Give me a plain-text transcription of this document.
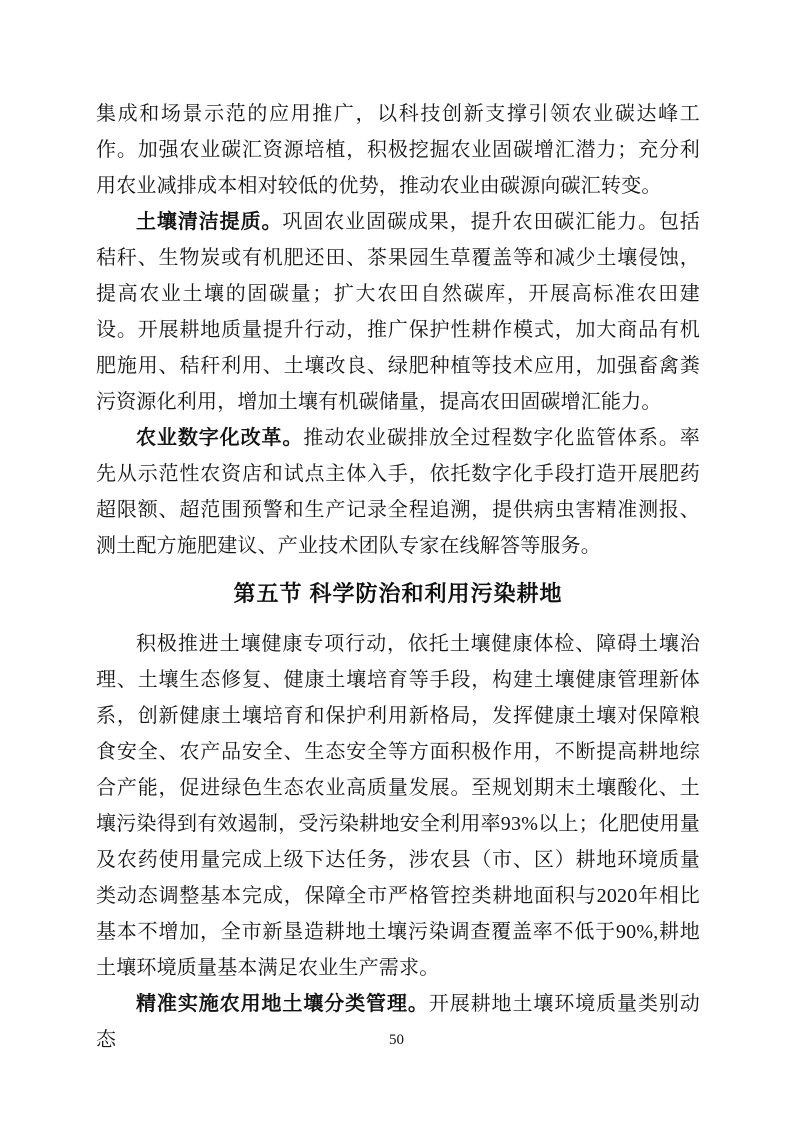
集成和场景示范的应用推广，以科技创新支撑引领农业碳达峰工作。加强农业碳汇资源培植，积极挖掘农业固碳增汇潜力；充分利用农业减排成本相对较低的优势，推动农业由碳源向碳汇转变。

土壤清洁提质。巩固农业固碳成果，提升农田碳汇能力。包括秸秆、生物炭或有机肥还田、茶果园生草覆盖等和减少土壤侵蚀，提高农业土壤的固碳量；扩大农田自然碳库，开展高标准农田建设。开展耕地质量提升行动，推广保护性耕作模式，加大商品有机肥施用、秸秆利用、土壤改良、绿肥种植等技术应用，加强畜禽粪污资源化利用，增加土壤有机碳储量，提高农田固碳增汇能力。

农业数字化改革。推动农业碳排放全过程数字化监管体系。率先从示范性农资店和试点主体入手，依托数字化手段打造开展肥药超限额、超范围预警和生产记录全程追溯，提供病虫害精准测报、测土配方施肥建议、产业技术团队专家在线解答等服务。

第五节 科学防治和利用污染耕地

积极推进土壤健康专项行动，依托土壤健康体检、障碍土壤治理、土壤生态修复、健康土壤培育等手段，构建土壤健康管理新体系，创新健康土壤培育和保护利用新格局，发挥健康土壤对保障粮食安全、农产品安全、生态安全等方面积极作用，不断提高耕地综合产能，促进绿色生态农业高质量发展。至规划期末土壤酸化、土壤污染得到有效遏制，受污染耕地安全利用率93%以上；化肥使用量及农药使用量完成上级下达任务，涉农县（市、区）耕地环境质量类动态调整基本完成，保障全市严格管控类耕地面积与2020年相比基本不增加，全市新垦造耕地土壤污染调查覆盖率不低于90%,耕地土壤环境质量基本满足农业生产需求。

精准实施农用地土壤分类管理。开展耕地土壤环境质量类别动态	50
